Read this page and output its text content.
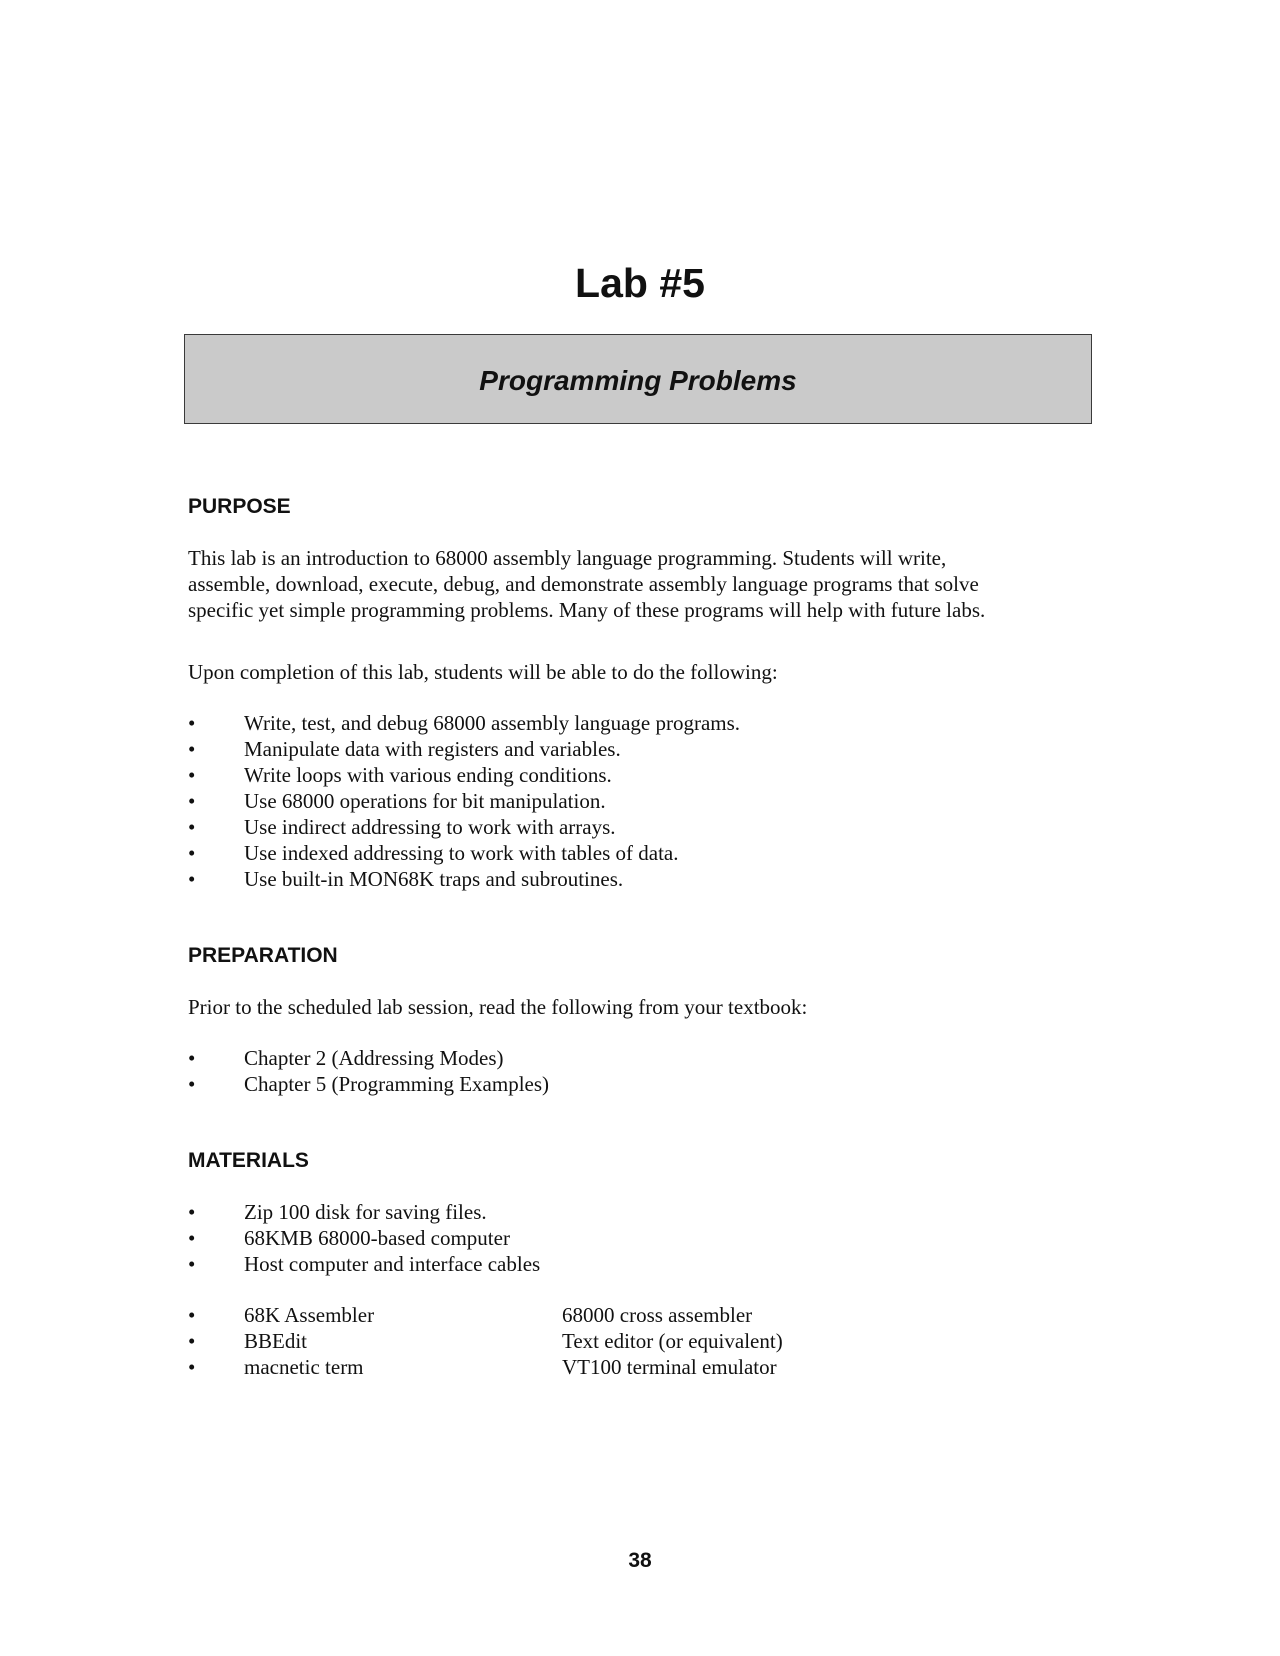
Lab #5
Programming Problems
PURPOSE

This lab is an introduction to 68000 assembly language programming. Students will write,
assemble, download, execute, debug, and demonstrate assembly language programs that solve
specific yet simple programming problems. Many of these programs will help with future labs.

Upon completion of this lab, students will be able to do the following:

• Write, test, and debug 68000 assembly language programs.
• Manipulate data with registers and variables.
• Write loops with various ending conditions.
• Use 68000 operations for bit manipulation.
• Use indirect addressing to work with arrays.
• Use indexed addressing to work with tables of data.
• Use built-in MON68K traps and subroutines.
PREPARATION

Prior to the scheduled lab session, read the following from your textbook:

• Chapter 2 (Addressing Modes)
• Chapter 5 (Programming Examples)
MATERIALS
• Zip 100 disk for saving files.
• 68KMB 68000-based computer
• Host computer and interface cables
• 68K Assembler	68000 cross assembler
• BBEdit	Text editor (or equivalent)
• macnetic term	VT100 terminal emulator
38
